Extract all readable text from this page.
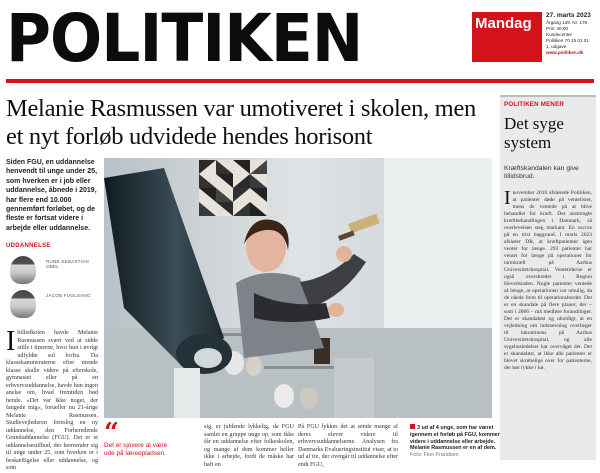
POLITIKEN	Mandag	27. marts 2023
Årgang 139. Nr. 178
Pris: 40,00
Kundecenter
Politiken 70 15 01 01
1. udgave
www.politiken.dk
Melanie Rasmussen var umotiveret i skolen, men et nyt forløb udvidede hendes horisont

Siden FGU, en uddannelse henvendt til unge under 25, som hverken er i job eller uddannelse, åbnede i 2019, har flere end 10.000 gennemført forløbet, og de fleste er fortsat videre i arbejde eller uddannelse.

UDDANNELSE
RUNE SEBASTIAN OBEL
JACOB FUGLSANG
Ibilledkolen havde Melanie Rasmussen svært ved at sidde stille i timerne, hvor hun i øvrigt udfyldte sol forfra. Da klassekammeraterne efter niende klasse skulle videre på efterskole, gymnasiet eller på en erhvervsuddannelse, havde hun ingen anelse om, hvad fremtiden bød hende. »Det var ikke noget, der fangede mig«, fortæller nu 21-årige Melanie Rasmussen. Studievejlederen foreslog en ny uddannelse, den Forberedende Grunduddannelse (FGU). Det er et uddannelsestilbud, der henvender sig til unge under 25, som hverken er i beskæftigelse eller uddannelse, og som
sig, er jublende lykkelig, da FGU samlet en gruppe unge op, som ikke får en uddannelse efter folkeskolen, og mange af dem kommer heller ikke i arbejde, fordi de måske har haft en
På FGU lykkes det at sende mange af deres elever videre til erhvervsuddannelserne. Analysen fra Danmarks Evalueringsinstitut viser, at to ud af tre, der overgår til uddannelse efter endt FGU,
“
Det er sjovere at være ude på læreepladsen.
3 ud af 4 unge, som har været igennem et forløb på FGU, kommer videre i uddannelse eller arbejde. Melanie Rasmussen er en af dem.
Foto: Finn Frandsen
POLITIKEN MENER
Det syge system
Kræftskandalen kan give tillidsbrud.
Inovember 2016 afslørede Politiken, at patienter døde på ventelister, mens de ventede på at blive behandlet for kræft. Det anstrengte kræftbehandlingen i Danmark, så overlevelsen steg markant. En succes på en trist baggrund. I marts 2023 afslører DR, at kræftpatienter igen venter for længe. 293 patienter har ventet for længe på operationer for tarmkræft på Aarhus Universitetshospital. Ventetiderne er også overskredet i Region Hovedstaden. Nogle patienter ventede så længe, at operationen var umulig, da de nåede frem til operationsbordet. Det er en skandale på flere planer, der – som i 2006 – må medføre forandringer. Det er skandaløst og uholdigt, at en vejledning om indstævning overlæger til inkontinens på Aarhus Universitetshospital, og alle sygehusledelser har overvåget det. Det er skandaløst, at ikke alle patienter er blevet skrøbelige over for patienterne, der bør rykke i kø.
